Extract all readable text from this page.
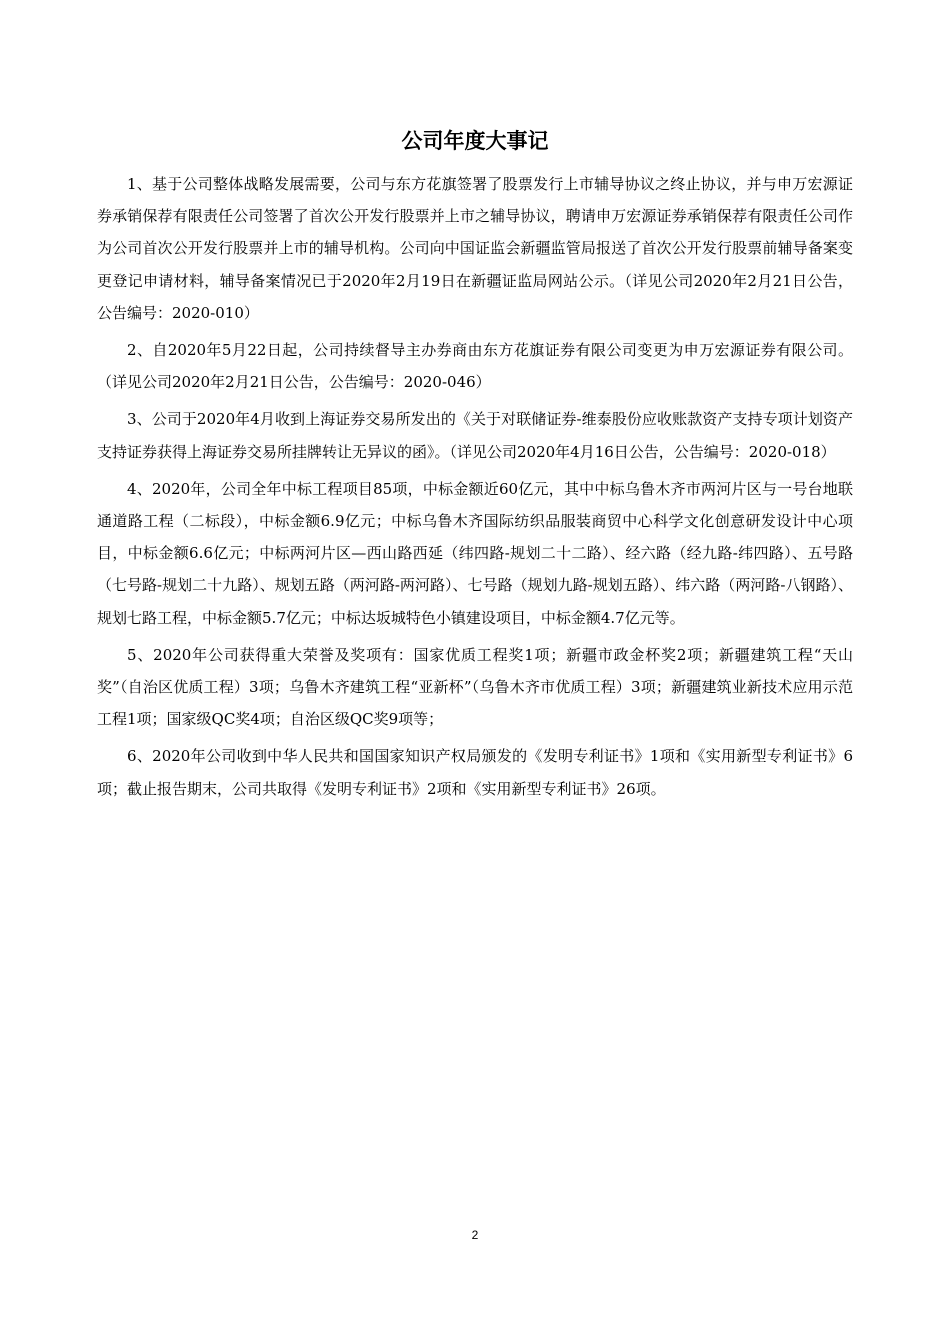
公司年度大事记

1、基于公司整体战略发展需要，公司与东方花旗签署了股票发行上市辅导协议之终止协议，并与申万宏源证券承销保荐有限责任公司签署了首次公开发行股票并上市之辅导协议，聘请申万宏源证券承销保荐有限责任公司作为公司首次公开发行股票并上市的辅导机构。公司向中国证监会新疆监管局报送了首次公开发行股票前辅导备案变更登记申请材料，辅导备案情况已于2020年2月19日在新疆证监局网站公示。（详见公司2020年2月21日公告，公告编号：2020-010）

2、自2020年5月22日起，公司持续督导主办券商由东方花旗证券有限公司变更为申万宏源证券有限公司。（详见公司2020年2月21日公告，公告编号：2020-046）

3、公司于2020年4月收到上海证券交易所发出的《关于对联储证券-维泰股份应收账款资产支持专项计划资产支持证券获得上海证券交易所挂牌转让无异议的函》。（详见公司2020年4月16日公告，公告编号：2020-018）

4、2020年，公司全年中标工程项目85项，中标金额近60亿元，其中中标乌鲁木齐市两河片区与一号台地联通道路工程（二标段），中标金额6.9亿元；中标乌鲁木齐国际纺织品服装商贸中心科学文化创意研发设计中心项目，中标金额6.6亿元；中标两河片区—西山路西延（纬四路-规划二十二路）、经六路（经九路-纬四路）、五号路（七号路-规划二十九路）、规划五路（两河路-两河路）、七号路（规划九路-规划五路）、纬六路（两河路-八钢路）、规划七路工程，中标金额5.7亿元；中标达坂城特色小镇建设项目，中标金额4.7亿元等。

5、2020年公司获得重大荣誉及奖项有：国家优质工程奖1项；新疆市政金杯奖2项；新疆建筑工程“天山奖”（自治区优质工程）3项；乌鲁木齐建筑工程“亚新杯”（乌鲁木齐市优质工程）3项；新疆建筑业新技术应用示范工程1项；国家级QC奖4项；自治区级QC奖9项等；

6、2020年公司收到中华人民共和国国家知识产权局颁发的《发明专利证书》1项和《实用新型专利证书》6项；截止报告期末，公司共取得《发明专利证书》2项和《实用新型专利证书》26项。

2
